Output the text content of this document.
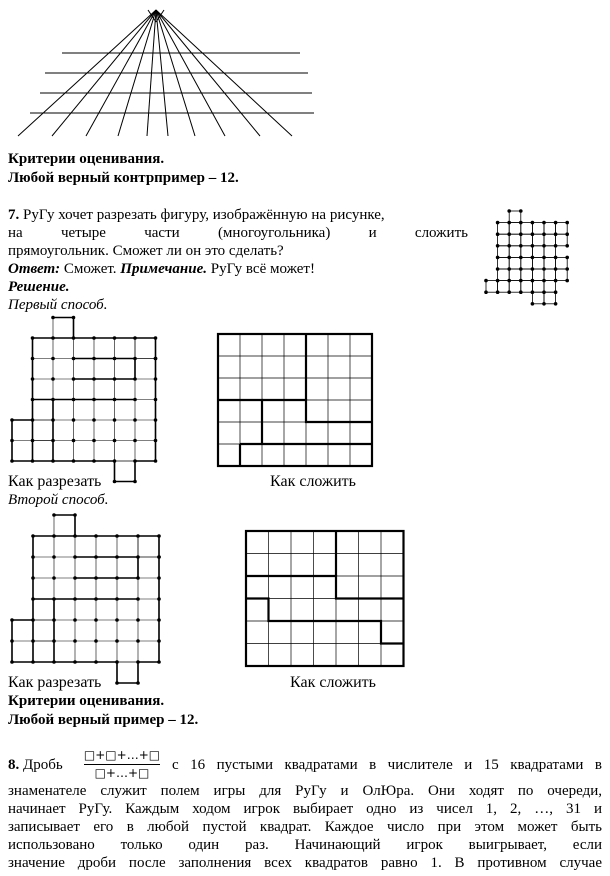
Критерии оценивания.
Любой верный контрпример – 12.
7. РуГу хочет разрезать фигуру, изображённую на рисунке,
на	четыре	части	(многоугольника)	и	сложить
прямоугольник. Сможет ли он это сделать?
Ответ: Сможет. Примечание. РуГу всё может!
Решение.
Первый способ.
Как разрезать	Как сложить
Второй способ.
Как разрезать	Как сложить
Критерии оценивания.
Любой верный пример – 12.
8. Дробь
□+□+…+□
□+…+□	с 16 пустыми квадратами в числителе и 15 квадратами в
знаменателе служит полем игры для РуГу и ОлЮра. Они ходят по очереди,
начинает РуГу. Каждым ходом игрок выбирает одно из чисел 1, 2, …, 31 и
записывает его в любой пустой квадрат. Каждое число при этом может быть
использовано только один раз. Начинающий игрок выигрывает, если
значение дроби после заполнения всех квадратов равно 1. В противном случае
